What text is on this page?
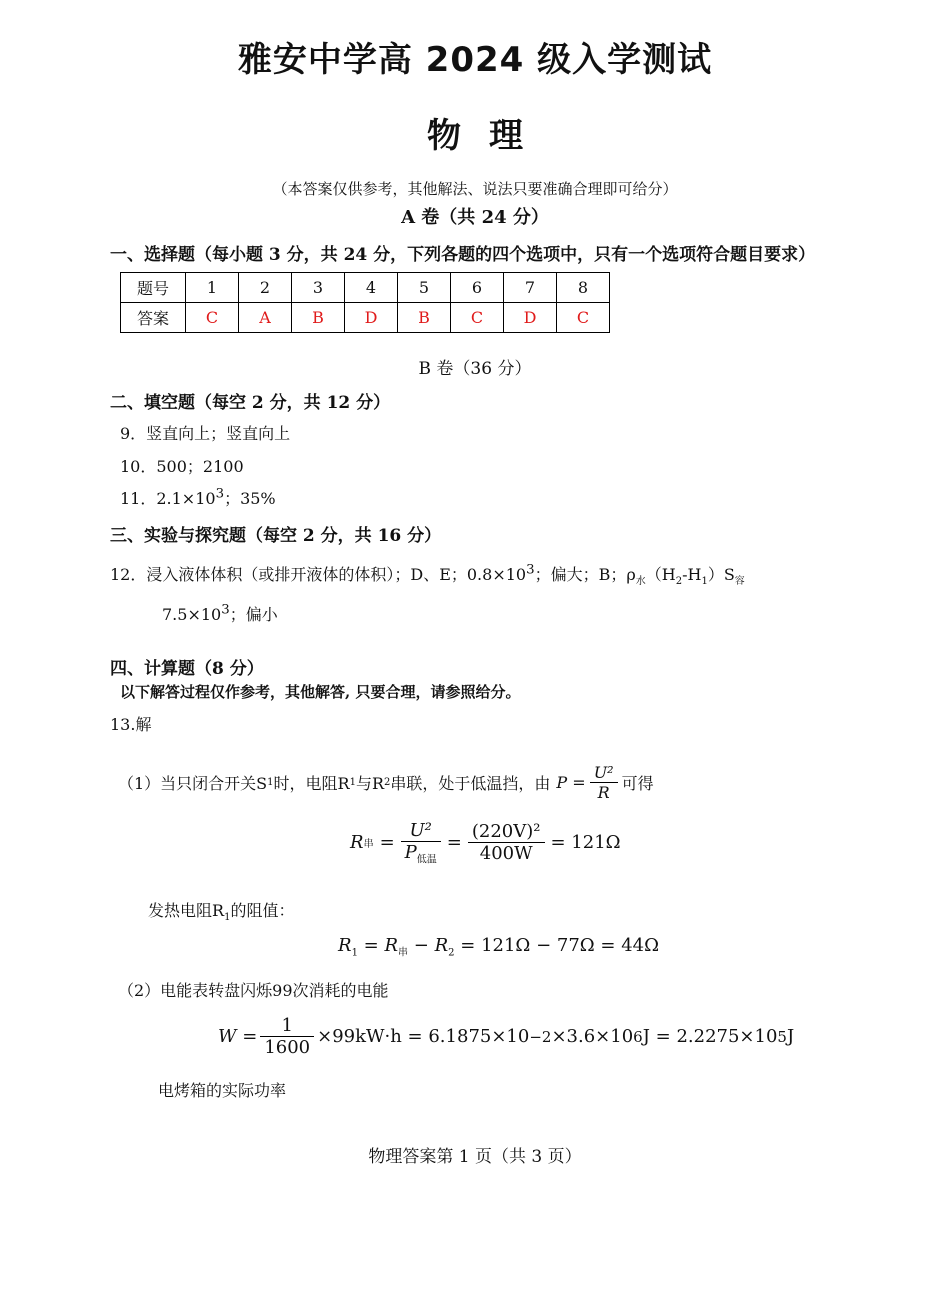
雅安中学高 2024 级入学测试
物 理
（本答案仅供参考，其他解法、说法只要准确合理即可给分）
A 卷（共 24 分）
一、选择题（每小题 3 分，共 24 分，下列各题的四个选项中，只有一个选项符合题目要求）
题号	1	2	3	4	5	6	7	8
答案	C	A	B	D	B	C	D	C
B 卷（36 分）
二、填空题（每空 2 分，共 12 分）
9．竖直向上；竖直向上
10．500；2100
11．$2.1\times 10^3$；35%
三、实验与探究题（每空 2 分，共 16 分）
12．浸入液体体积（或排开液体的体积）；D、E；$0.8\times 10^3$；偏大；B；$\rho_水(H_2-H_1)S_容$
$7.5\times 10^3$；偏小
四、计算题（8 分）
以下解答过程仅作参考，其他解答, 只要合理，请参照给分。
13.解
（1）当只闭合开关S 1 时，电阻R 1 与R 2 串联，处于低温挡，由 $P = \frac{\text{U²}}{R}$ 可得
R 串 = $\frac{\text{U²}}{P_{低温}} = \frac{\text{(220V)²}}{400W} = 121\Omega$
发热电阻$R_1$的阻值：
$R_1 = R_串 - R_2 = 121\Omega - 77\Omega = 44\Omega$
（2）电能表转盘闪烁99次消耗的电能
$W = \frac{1}{1600} \times 99kW\cdot h = 6.1875\times 10 -2 \times 3.6\times 10$ 6 J = 2.2275×10 5 J
电烤箱的实际功率
物理答案第 1 页（共 3 页）
